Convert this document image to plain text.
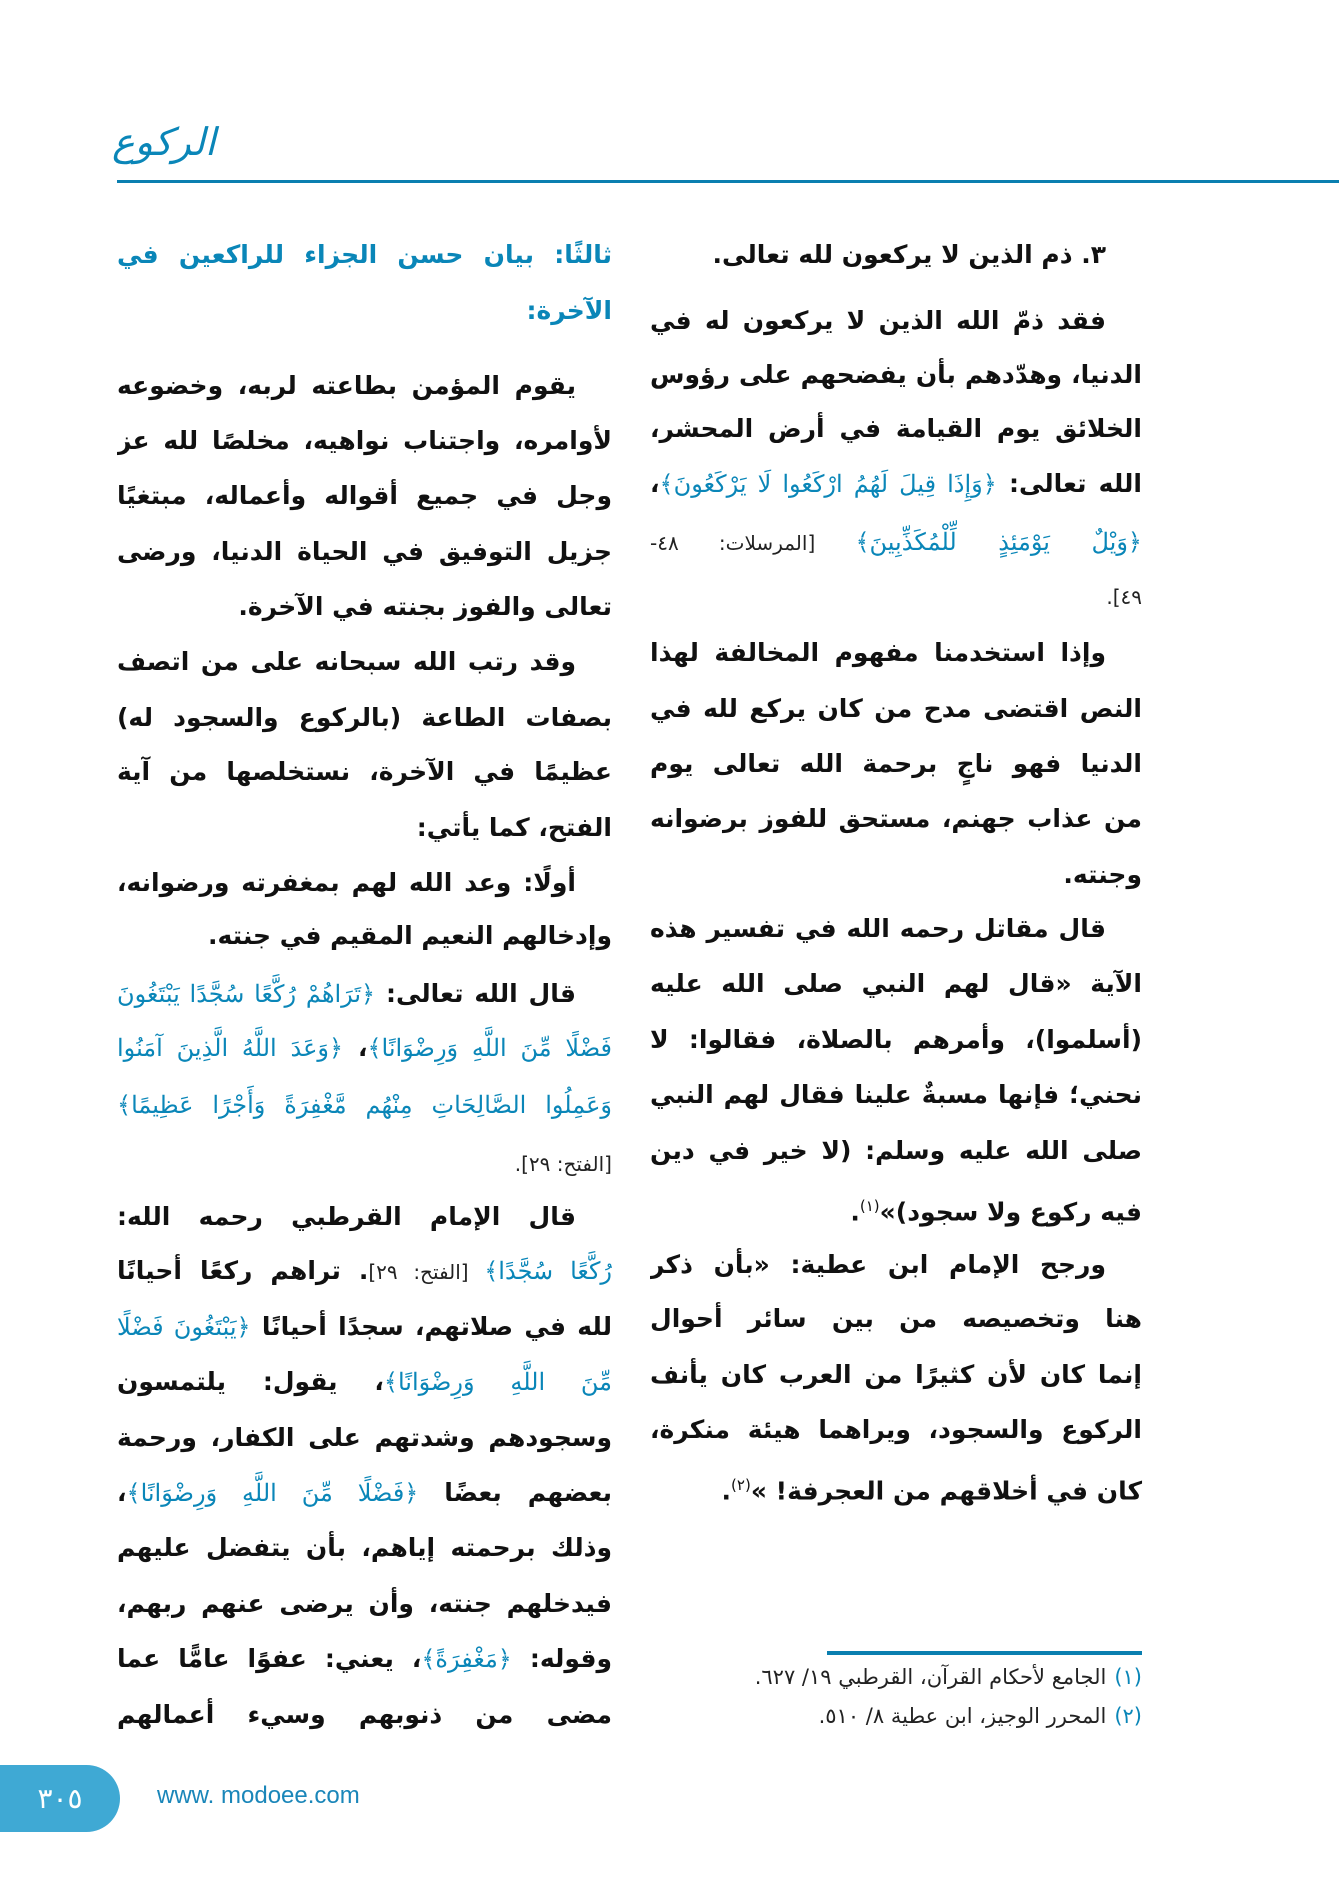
الركوع
٣. ذم الذين لا يركعون لله تعالى.
فقد ذمّ الله الذين لا يركعون له في
الدنيا، وهدّدهم بأن يفضحهم على رؤوس
الخلائق يوم القيامة في أرض المحشر،
الله تعالى: ﴿وَإِذَا قِيلَ لَهُمُ ارْكَعُوا لَا يَرْكَعُونَ﴾،
﴿وَيْلٌ يَوْمَئِذٍ لِّلْمُكَذِّبِينَ﴾ [المرسلات: ٤٨-
٤٩].
وإذا استخدمنا مفهوم المخالفة لهذا
النص اقتضى مدح من كان يركع لله في
الدنيا فهو ناجٍ برحمة الله تعالى يوم
من عذاب جهنم، مستحق للفوز برضوانه
وجنته.
قال مقاتل رحمه الله في تفسير هذه
الآية «قال لهم النبي صلى الله عليه
(أسلموا)، وأمرهم بالصلاة، فقالوا: لا
نحني؛ فإنها مسبةٌ علينا فقال لهم النبي
صلى الله عليه وسلم: (لا خير في دين
فيه ركوع ولا سجود)»$^{(١)}$.
ورجح الإمام ابن عطية: «بأن ذكر
هنا وتخصيصه من بين سائر أحوال
إنما كان لأن كثيرًا من العرب كان يأنف
الركوع والسجود، ويراهما هيئة منكرة،
كان في أخلاقهم من العجرفة! »$^{(٢)}$.
ثالثًا: بيان حسن الجزاء للراكعين في
الآخرة:
يقوم المؤمن بطاعته لربه، وخضوعه
لأوامره، واجتناب نواهيه، مخلصًا لله عز
وجل في جميع أقواله وأعماله، مبتغيًا
جزيل التوفيق في الحياة الدنيا، ورضى
تعالى والفوز بجنته في الآخرة.
وقد رتب الله سبحانه على من اتصف
بصفات الطاعة (بالركوع والسجود له)
عظيمًا في الآخرة، نستخلصها من آية
الفتح، كما يأتي:
أولًا: وعد الله لهم بمغفرته ورضوانه،
وإدخالهم النعيم المقيم في جنته.
قال الله تعالى: ﴿تَرَاهُمْ رُكَّعًا سُجَّدًا يَبْتَغُونَ
فَضْلًا مِّنَ اللَّهِ وَرِضْوَانًا﴾، ﴿وَعَدَ اللَّهُ الَّذِينَ آمَنُوا
وَعَمِلُوا الصَّالِحَاتِ مِنْهُم مَّغْفِرَةً وَأَجْرًا عَظِيمًا﴾
[الفتح: ٢٩].
قال الإمام القرطبي رحمه الله:
رُكَّعًا سُجَّدًا﴾ [الفتح: ٢٩]. تراهم ركعًا أحيانًا
لله في صلاتهم، سجدًا أحيانًا ﴿يَبْتَغُونَ فَضْلًا
مِّنَ اللَّهِ وَرِضْوَانًا﴾، يقول: يلتمسون
وسجودهم وشدتهم على الكفار، ورحمة
بعضهم بعضًا ﴿فَضْلًا مِّنَ اللَّهِ وَرِضْوَانًا﴾،
وذلك برحمته إياهم، بأن يتفضل عليهم
فيدخلهم جنته، وأن يرضى عنهم ربهم،
وقوله: ﴿مَغْفِرَةً﴾، يعني: عفوًا عامًّا عما
مضى من ذنوبهم وسيء أعمالهم
(١)الجامع لأحكام القرآن، القرطبي ١٩/ ٦٢٧.
(٢)المحرر الوجيز، ابن عطية ٨/ ٥١٠.
٣٠٥	www. modoee.com
